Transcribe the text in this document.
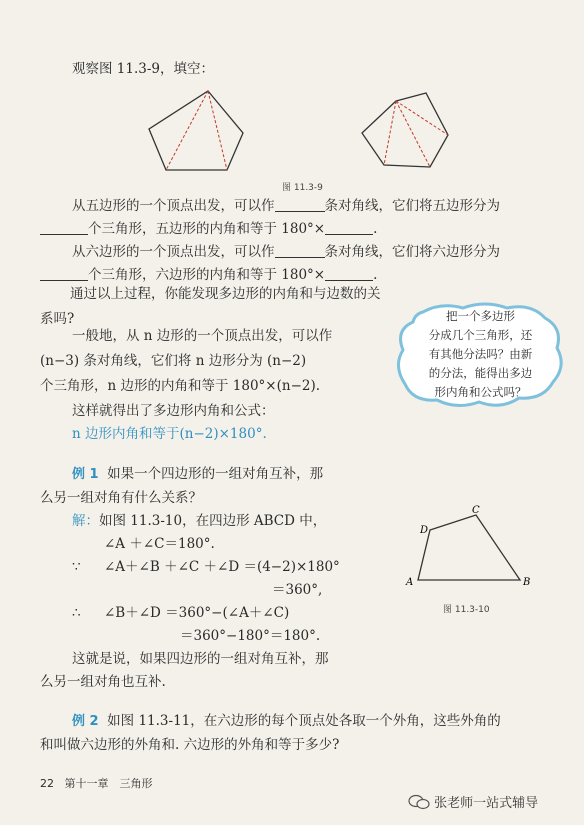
观察图 11.3-9，填空：
图 11.3-9
从五边形的一个顶点出发，可以作	条对角线，它们将五边形分为
个三角形，五边形的内角和等于 180°×	.
从六边形的一个顶点出发，可以作	条对角线，它们将六边形分为
个三角形，六边形的内角和等于 180°×	.
通过以上过程，你能发现多边形的内角和与边数的关系吗?
一般地，从 n 边形的一个顶点出发，可以作
(n−3) 条对角线，它们将 n 边形分为 (n−2)
个三角形，n 边形的内角和等于 180°×(n−2).
这样就得出了多边形内角和公式：
n 边形内角和等于(n−2)×180°.
把一个多边形
分成几个三角形，还
有其他分法吗？由新
的分法，能得出多边
形内角和公式吗？
例 1 如果一个四边形的一组对角互补，那
么另一组对角有什么关系？
解：如图 11.3-10，在四边形 ABCD 中，
∠A ＋∠C＝180°.
∵ ∠A＋∠B ＋∠C ＋∠D ＝(4−2)×180°
＝360°,
∴ ∠B＋∠D ＝360°−(∠A＋∠C)
＝360°−180°＝180°.
这就是说，如果四边形的一组对角互补，那
么另一组对角也互补.
A	B
C
D
图 11.3-10
例 2 如图 11.3-11，在六边形的每个顶点处各取一个外角，这些外角的
和叫做六边形的外角和. 六边形的外角和等于多少?
22 第十一章　三角形
张老师一站式辅导
